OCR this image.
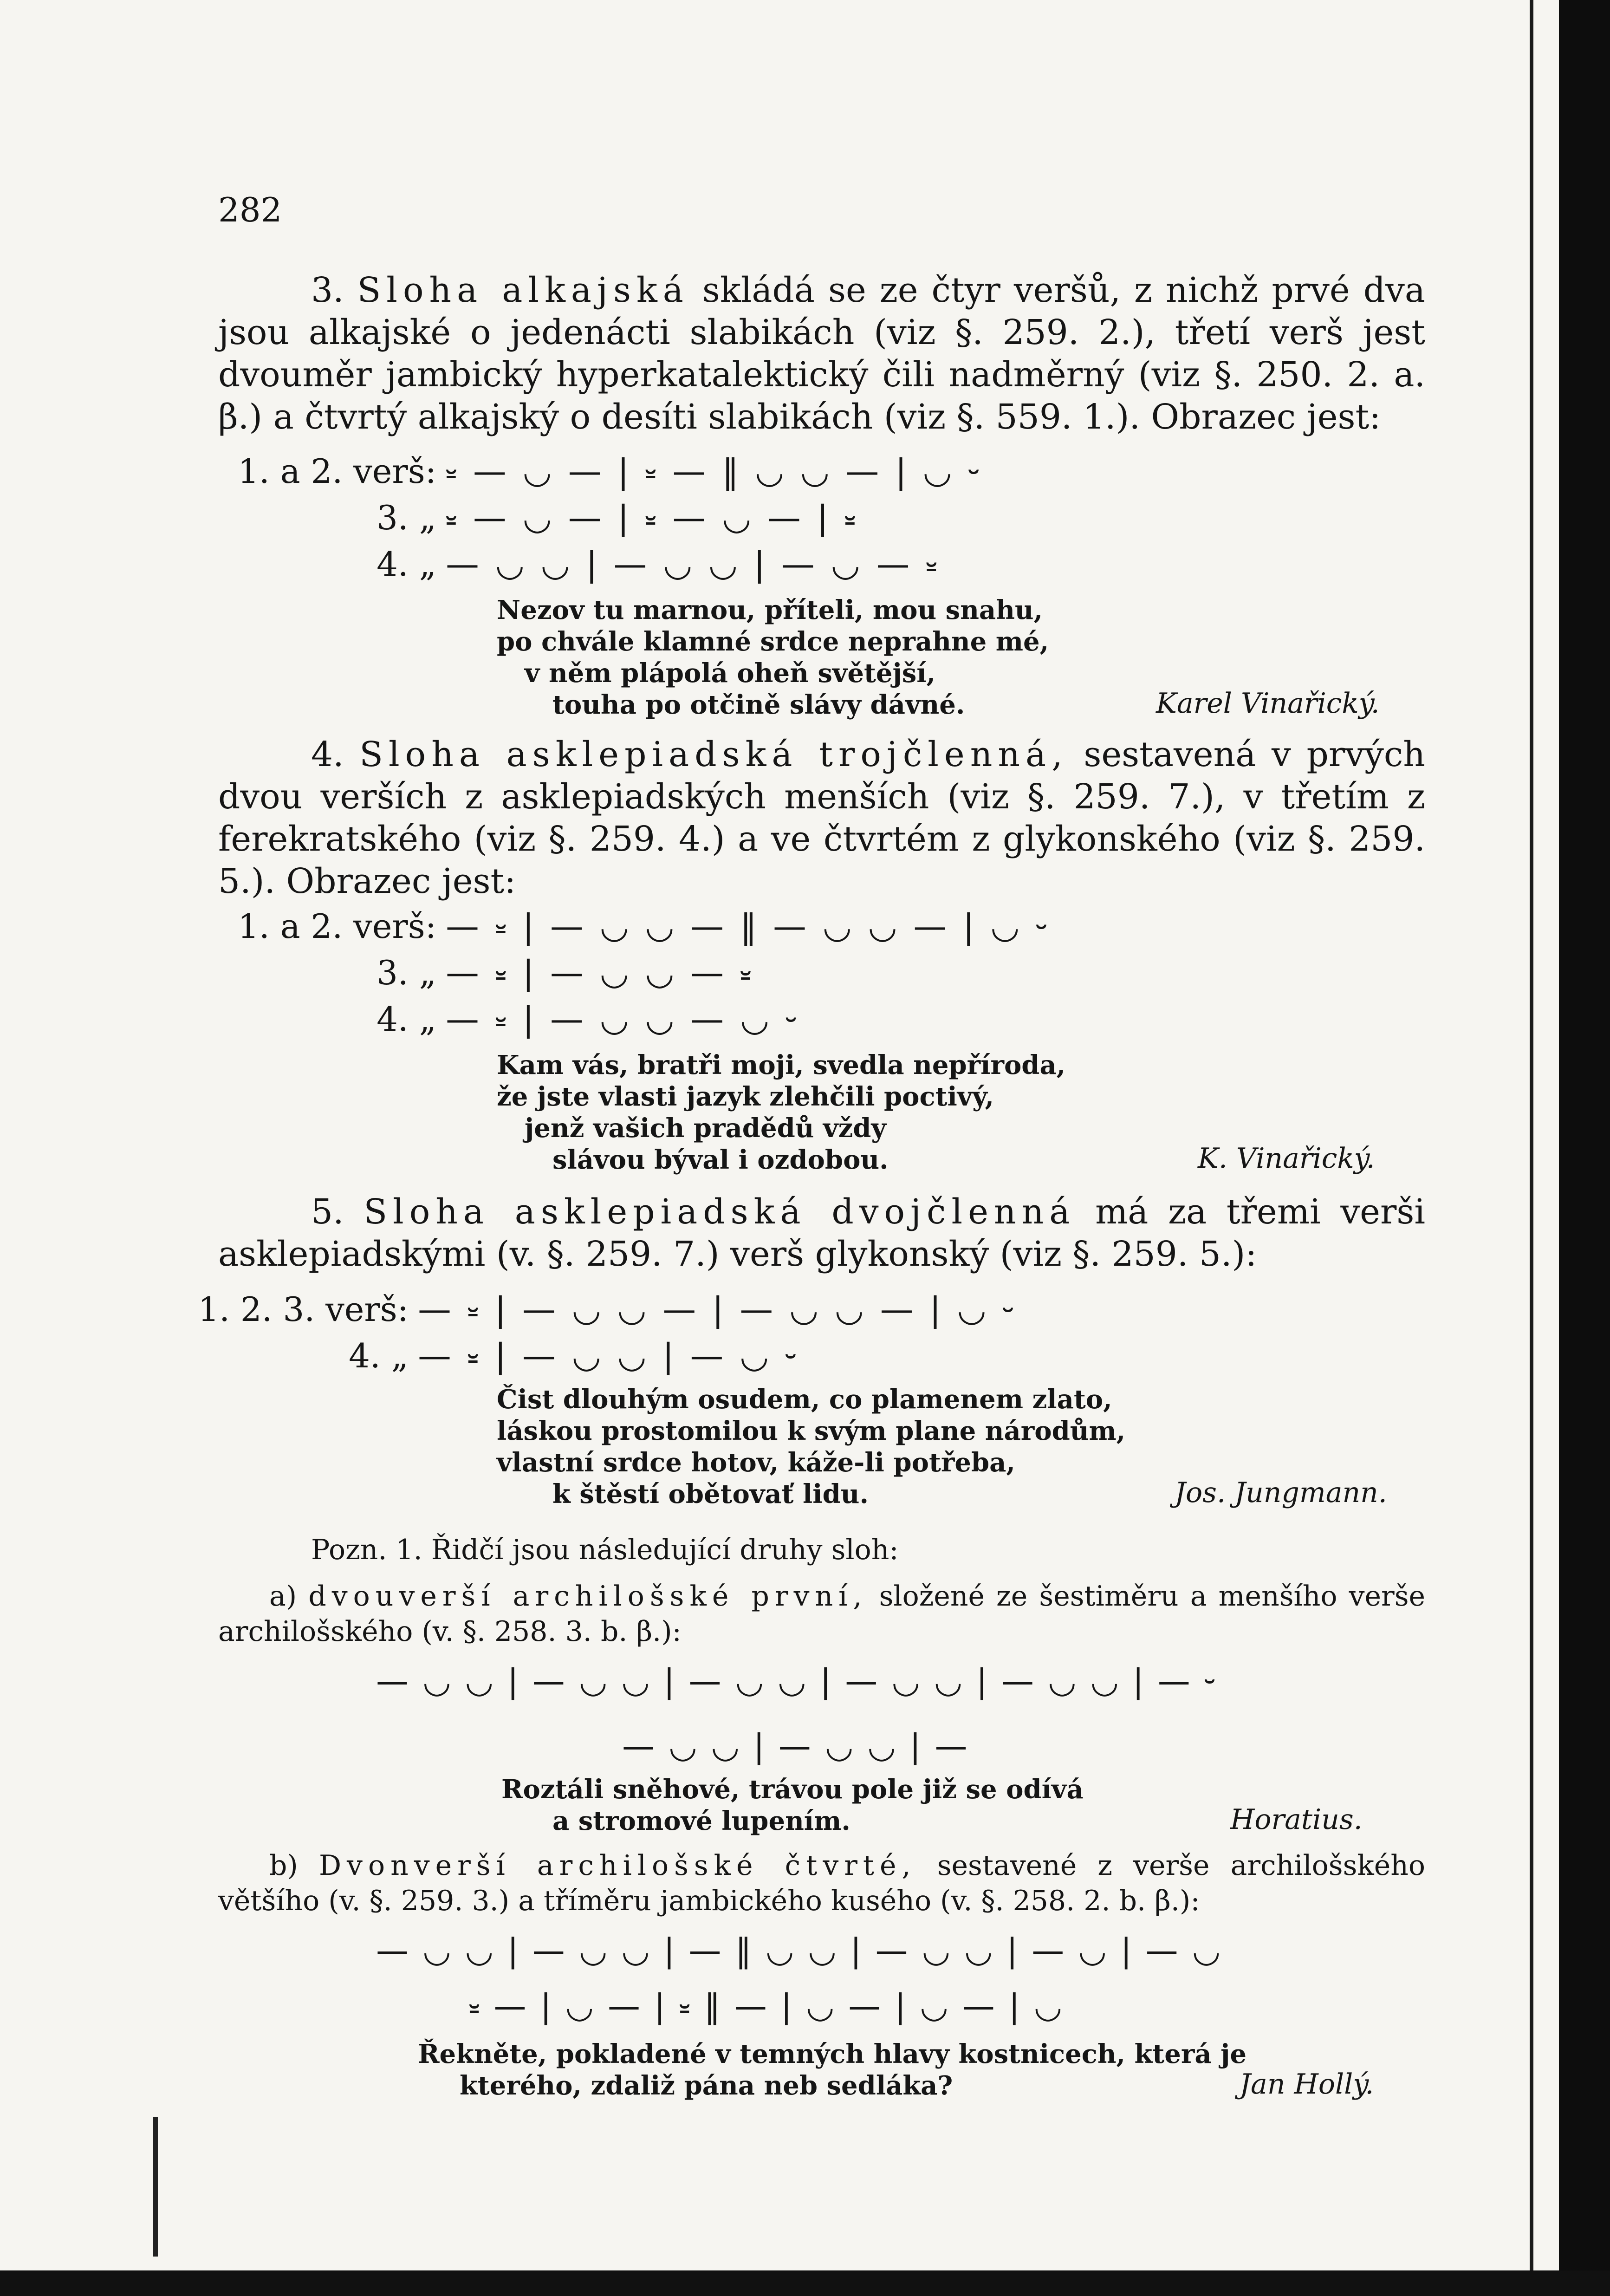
282
3. Sloha alkajská skládá se ze čtyr veršů, z nichž prvé dva jsou alkajské o jedenácti slabikách (viz §. 259. 2.), třetí verš jest dvouměr jambický hyperkatalektický čili nadměrný (viz §. 250. 2. a. β.) a čtvrtý alkajský o desíti slabikách (viz §. 559. 1.). Obrazec jest:
1. a 2. verš: ⏓ — ◡ — | ⏓ — ‖ ◡ ◡ — | ◡ ⏑
3. „ ⏓ — ◡ — | ⏓ — ◡ — | ⏓
4. „ — ◡ ◡ | — ◡ ◡ | — ◡ — ⏓
Nezov tu marnou, příteli, mou snahu,
po chvále klamné srdce neprahne mé,
v něm plápolá oheň světější,
touha po otčině slávy dávné.	Karel Vinařický.
4. Sloha asklepiadská trojčlenná, sestavená v prvých dvou verších z asklepiadských menších (viz §. 259. 7.), v třetím z ferekratského (viz §. 259. 4.) a ve čtvrtém z glykonského (viz §. 259. 5.). Obrazec jest:
1. a 2. verš: — ⏓ | — ◡ ◡ — ‖ — ◡ ◡ — | ◡ ⏑
3. „ — ⏓ | — ◡ ◡ — ⏓
4. „ — ⏓ | — ◡ ◡ — ◡ ⏑
Kam vás, bratři moji, svedla nepříroda,
že jste vlasti jazyk zlehčili poctivý,
jenž vašich pradědů vždy
slávou býval i ozdobou.	K. Vinařický.
5. Sloha asklepiadská dvojčlenná má za třemi verši asklepiadskými (v. §. 259. 7.) verš glykonský (viz §. 259. 5.):
1. 2. 3. verš: — ⏓ | — ◡ ◡ — | — ◡ ◡ — | ◡ ⏑
4. „ — ⏓ | — ◡ ◡ | — ◡ ⏑
Čist dlouhým osudem, co plamenem zlato,
láskou prostomilou k svým plane národům,
vlastní srdce hotov, káže-li potřeba,
k štěstí obětovať lidu.	Jos. Jungmann.
Pozn. 1. Řidčí jsou následující druhy sloh:
a) dvouverší archilošské první, složené ze šestiměru a menšího verše archilošského (v. §. 258. 3. b. β.):
— ◡ ◡ | — ◡ ◡ | — ◡ ◡ | — ◡ ◡ | — ◡ ◡ | — ⏑
— ◡ ◡ | — ◡ ◡ | —
Roztáli sněhové, trávou pole již se odívá
a stromové lupením.	Horatius.
b) Dvonverší archilošské čtvrté, sestavené z verše archilošského většího (v. §. 259. 3.) a tříměru jambického kusého (v. §. 258. 2. b. β.):
— ◡ ◡ | — ◡ ◡ | — ‖ ◡ ◡ | — ◡ ◡ | — ◡ | — ◡
⏓ — | ◡ — | ⏓ ‖ — | ◡ — | ◡ — | ◡
Řekněte, pokladené v temných hlavy kostnicech, která je
kterého, zdaliž pána neb sedláka?	Jan Hollý.
